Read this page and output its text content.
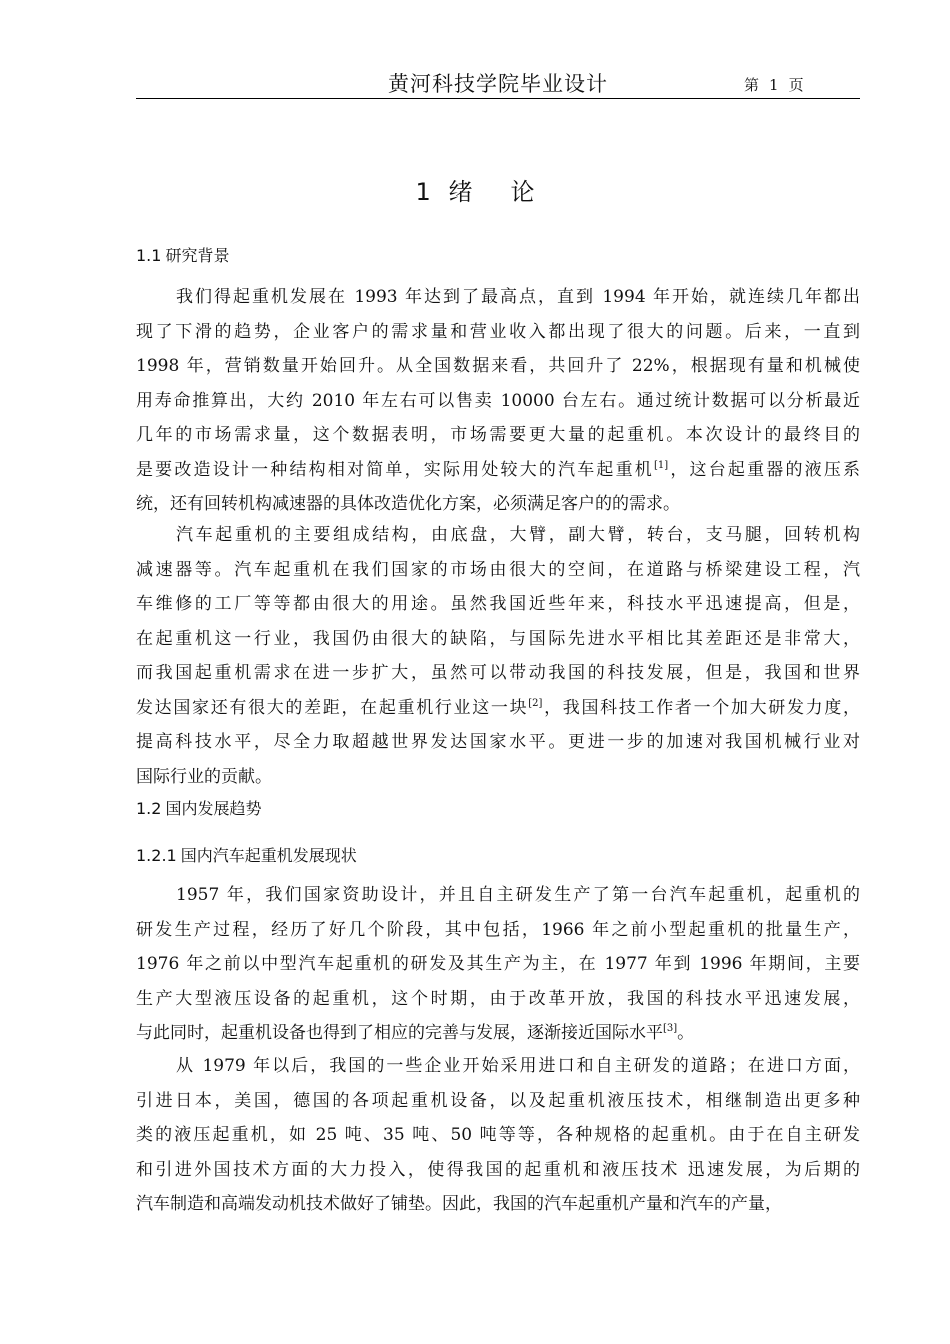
黄河科技学院毕业设计	第 1 页
1 绪 论
1.1 研究背景
我们得起重机发展在 1993 年达到了最高点，直到 1994 年开始，就连续几年都出
现了下滑的趋势，企业客户的需求量和营业收入都出现了很大的问题。后来，一直到
1998 年，营销数量开始回升。从全国数据来看，共回升了 22%，根据现有量和机械使
用寿命推算出，大约 2010 年左右可以售卖 10000 台左右。通过统计数据可以分析最近
几年的市场需求量，这个数据表明，市场需要更大量的起重机。本次设计的最终目的
是要改造设计一种结构相对简单，实际用处较大的汽车起重机[1]，这台起重器的液压系
统，还有回转机构减速器的具体改造优化方案，必须满足客户的的需求。
汽车起重机的主要组成结构，由底盘，大臂，副大臂，转台，支马腿，回转机构
减速器等。汽车起重机在我们国家的市场由很大的空间，在道路与桥梁建设工程，汽
车维修的工厂等等都由很大的用途。虽然我国近些年来，科技水平迅速提高，但是，
在起重机这一行业，我国仍由很大的缺陷，与国际先进水平相比其差距还是非常大，
而我国起重机需求在进一步扩大，虽然可以带动我国的科技发展，但是，我国和世界
发达国家还有很大的差距，在起重机行业这一块[2]，我国科技工作者一个加大研发力度，
提高科技水平，尽全力取超越世界发达国家水平。更进一步的加速对我国机械行业对
国际行业的贡献。
1.2 国内发展趋势
1.2.1 国内汽车起重机发展现状
1957 年，我们国家资助设计，并且自主研发生产了第一台汽车起重机，起重机的
研发生产过程，经历了好几个阶段，其中包括，1966 年之前小型起重机的批量生产，
1976 年之前以中型汽车起重机的研发及其生产为主，在 1977 年到 1996 年期间，主要
生产大型液压设备的起重机，这个时期，由于改革开放，我国的科技水平迅速发展，
与此同时，起重机设备也得到了相应的完善与发展，逐渐接近国际水平[3]。
从 1979 年以后，我国的一些企业开始采用进口和自主研发的道路；在进口方面，
引进日本，美国，德国的各项起重机设备，以及起重机液压技术，相继制造出更多种
类的液压起重机，如 25 吨、35 吨、50 吨等等，各种规格的起重机。由于在自主研发
和引进外国技术方面的大力投入，使得我国的起重机和液压技术 迅速发展，为后期的
汽车制造和高端发动机技术做好了铺垫。因此，我国的汽车起重机产量和汽车的产量，
